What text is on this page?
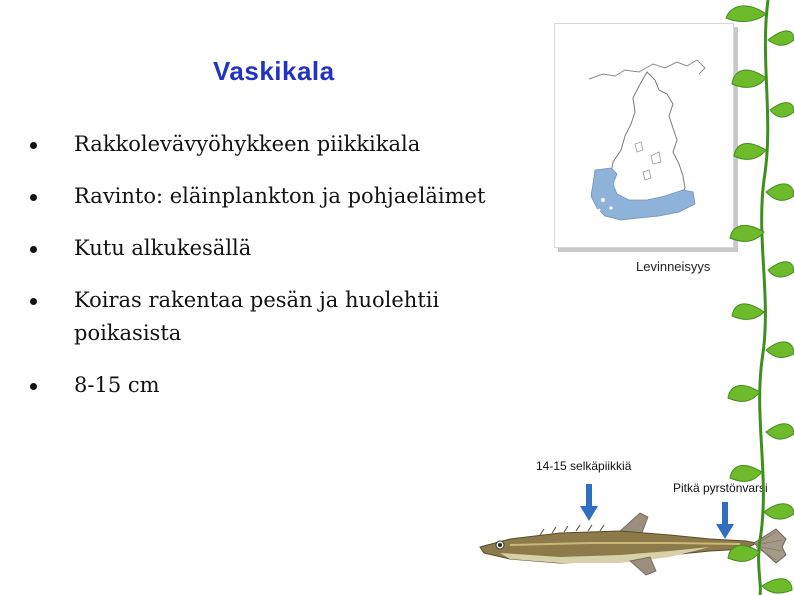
Vaskikala
Rakkolevävyöhykkeen piikkikala
Ravinto: eläinplankton ja pohjaeläimet
Kutu alkukesällä
Koiras rakentaa pesän ja huolehtii poikasista
8-15 cm
Levinneisyys
14-15 selkäpiikkiä
Pitkä pyrstönvarsi
